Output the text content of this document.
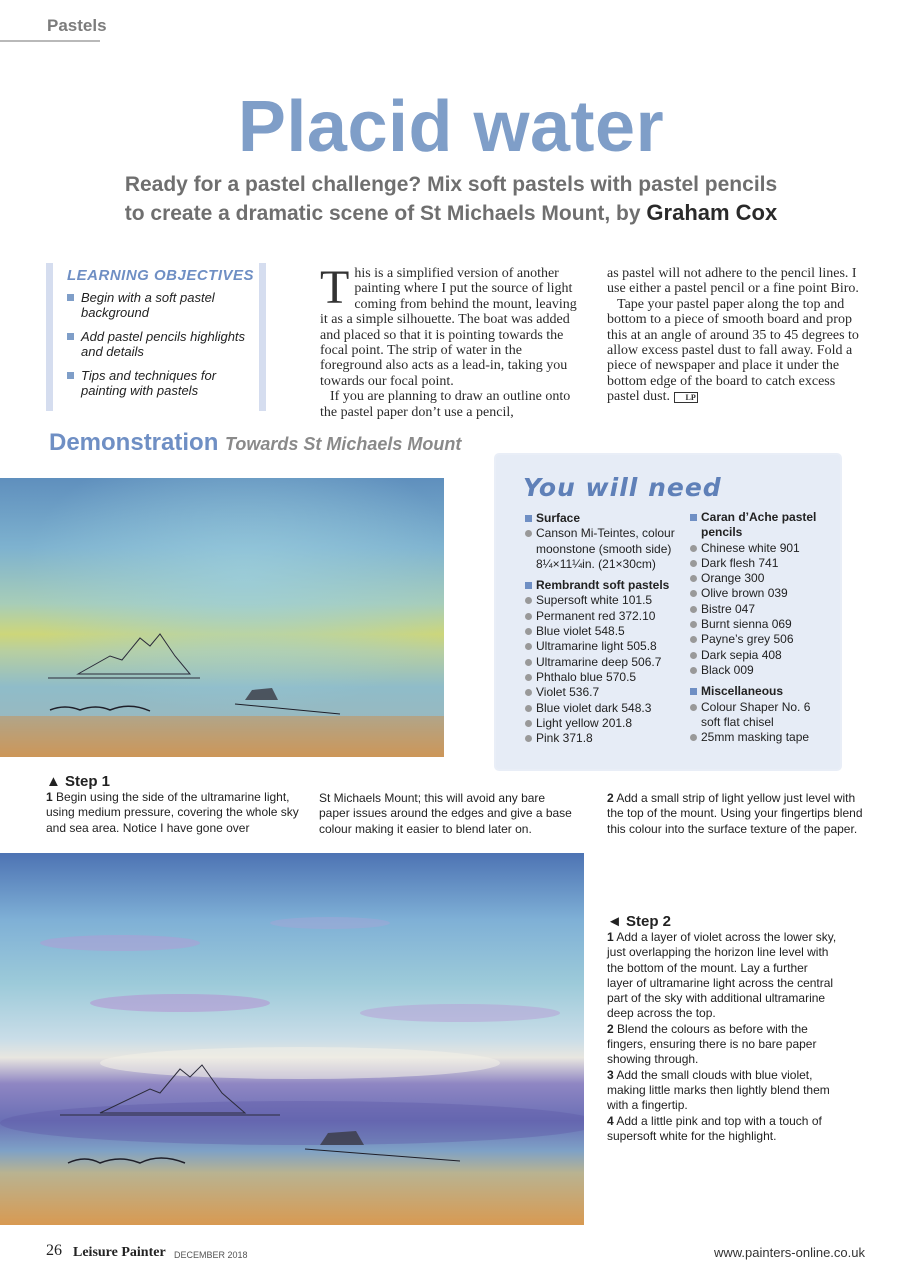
Pastels
Placid water
Ready for a pastel challenge? Mix soft pastels with pastel pencils
to create a dramatic scene of St Michaels Mount, by Graham Cox
LEARNING OBJECTIVES
Begin with a soft pastel background
Add pastel pencils highlights and details
Tips and techniques for painting with pastels
This is a simplified version of another painting where I put the source of light coming from behind the mount, leaving it as a simple silhouette. The boat was added and placed so that it is pointing towards the focal point. The strip of water in the foreground also acts as a lead-in, taking you towards our focal point.
If you are planning to draw an outline onto the pastel paper don’t use a pencil,
as pastel will not adhere to the pencil lines. I use either a pastel pencil or a fine point Biro.
Tape your pastel paper along the top and bottom to a piece of smooth board and prop this at an angle of around 35 to 45 degrees to allow excess pastel dust to fall away. Fold a piece of newspaper and place it under the bottom edge of the board to catch excess pastel dust. LP
Demonstration Towards St Michaels Mount
You will need
Surface
Canson Mi-Teintes, colour moonstone (smooth side) 8¼×11¼in. (21×30cm)
Rembrandt soft pastels
Supersoft white 101.5
Permanent red 372.10
Blue violet 548.5
Ultramarine light 505.8
Ultramarine deep 506.7
Phthalo blue 570.5
Violet 536.7
Blue violet dark 548.3
Light yellow 201.8
Pink 371.8
Caran d’Ache pastel pencils
Chinese white 901
Dark flesh 741
Orange 300
Olive brown 039
Bistre 047
Burnt sienna 069
Payne’s grey 506
Dark sepia 408
Black 009
Miscellaneous
Colour Shaper No. 6 soft flat chisel
25mm masking tape
▲ Step 1
1 Begin using the side of the ultramarine light, using medium pressure, covering the whole sky and sea area. Notice I have gone over
St Michaels Mount; this will avoid any bare paper issues around the edges and give a base colour making it easier to blend later on.
2 Add a small strip of light yellow just level with the top of the mount. Using your fingertips blend this colour into the surface texture of the paper.
◄ Step 2
1 Add a layer of violet across the lower sky, just overlapping the horizon line level with the bottom of the mount. Lay a further layer of ultramarine light across the central part of the sky with additional ultramarine deep across the top.
2 Blend the colours as before with the fingers, ensuring there is no bare paper showing through.
3 Add the small clouds with blue violet, making little marks then lightly blend them with a fingertip.
4 Add a little pink and top with a touch of supersoft white for the highlight.
26 Leisure Painter DECEMBER 2018	www.painters-online.co.uk
